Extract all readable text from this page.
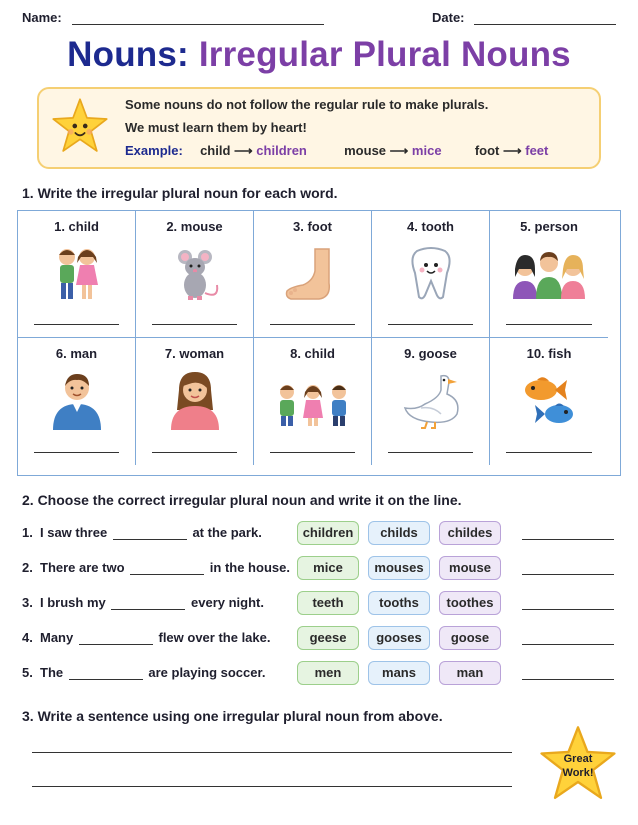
Name:	Date:
Nouns: Irregular Plural Nouns
Some nouns do not follow the regular rule to make plurals.
We must learn them by heart!
Example: child ⟶ children	mouse ⟶ mice	foot ⟶ feet
1. Write the irregular plural noun for each word.
1. child	2. mouse	3. foot	4. tooth	5. person
6. man	7. woman	8. child	9. goose	10. fish
2. Choose the correct irregular plural noun and write it on the line.
1. I saw three	at the park.	children	childs	childes
2. There are two	in the house.	mice	mouses	mouse
3. I brush my	every night.	teeth	tooths	toothes
4. Many	flew over the lake.	geese	gooses	goose
5. The	are playing soccer.	men	mans	man
3. Write a sentence using one irregular plural noun from above.
Great
Work!
